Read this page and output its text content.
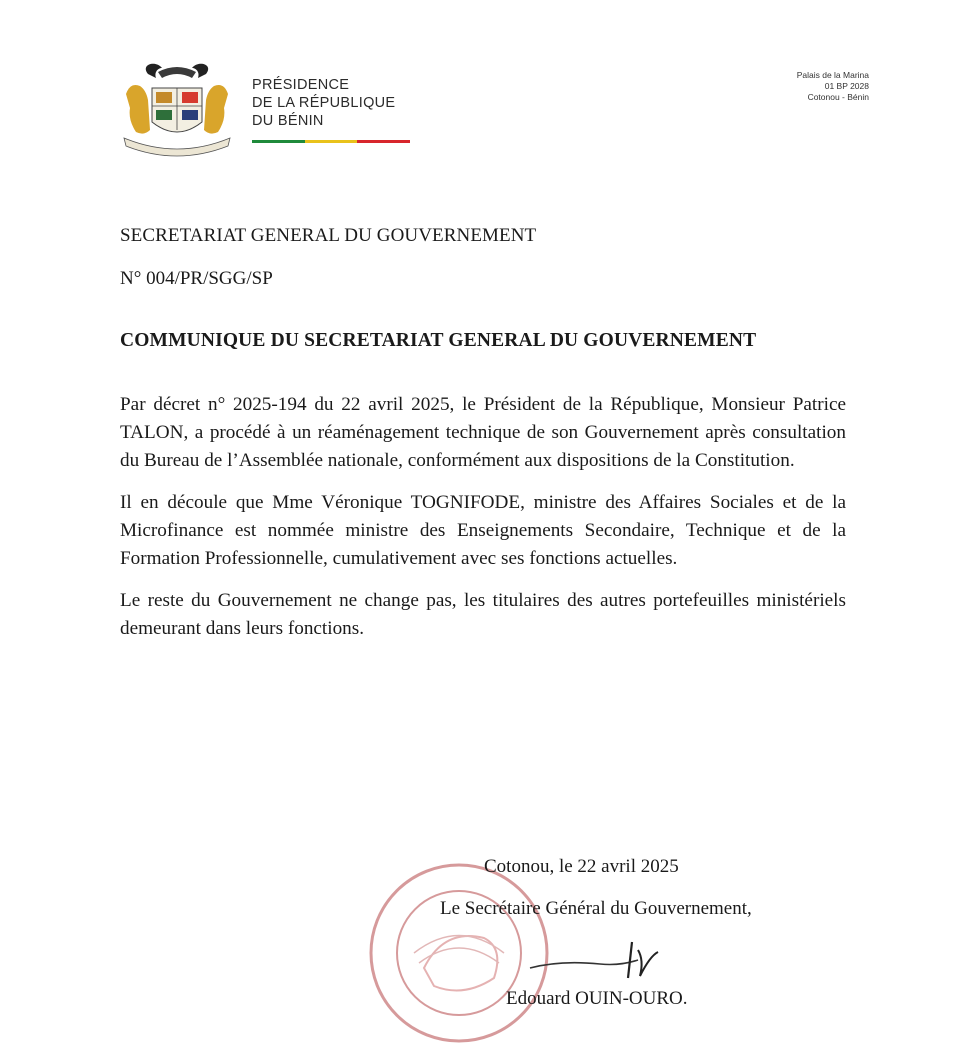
PRÉSIDENCE
DE LA RÉPUBLIQUE
DU BÉNIN
Palais de la Marina
01 BP 2028
Cotonou - Bénin
SECRETARIAT GENERAL DU GOUVERNEMENT
N° 004/PR/SGG/SP
COMMUNIQUE DU SECRETARIAT GENERAL DU GOUVERNEMENT

Par décret n° 2025-194 du 22 avril 2025, le Président de la République, Monsieur Patrice TALON, a procédé à un réaménagement technique de son Gouvernement après consultation du Bureau de l’Assemblée nationale, conformément aux dispositions de la Constitution.

Il en découle que Mme Véronique TOGNIFODE, ministre des Affaires Sociales et de la Microfinance est nommée ministre des Enseignements Secondaire, Technique et de la Formation Professionnelle, cumulativement avec ses fonctions actuelles.

Le reste du Gouvernement ne change pas, les titulaires des autres portefeuilles ministériels demeurant dans leurs fonctions.

Cotonou, le 22 avril 2025
Le Secrétaire Général du Gouvernement,
Edouard OUIN-OURO.
